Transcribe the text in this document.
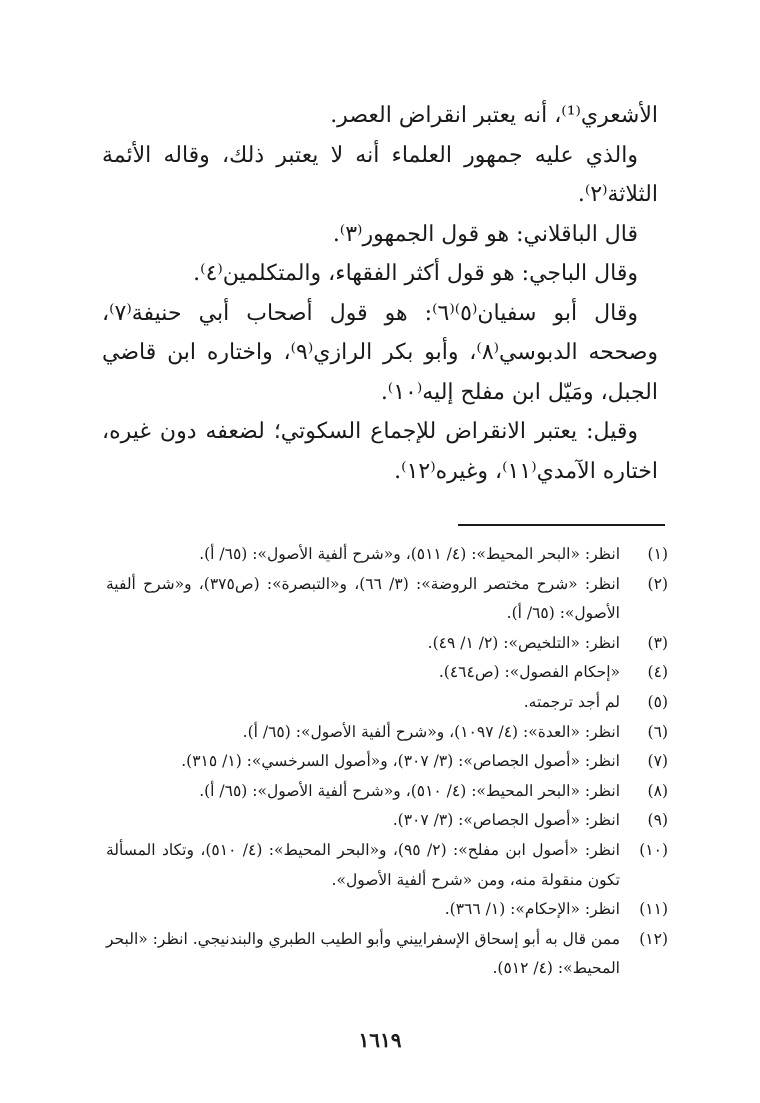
الأشعري⁽¹⁾، أنه يعتبر انقراض العصر.

والذي عليه جمهور العلماء أنه لا يعتبر ذلك، وقاله الأئمة الثلاثة⁽٢⁾.

قال الباقلاني: هو قول الجمهور⁽٣⁾.

وقال الباجي: هو قول أكثر الفقهاء، والمتكلمين⁽٤⁾.

وقال أبو سفيان⁽٥⁾⁽٦⁾: هو قول أصحاب أبي حنيفة⁽٧⁾، وصححه الدبوسي⁽٨⁾، وأبو بكر الرازي⁽٩⁾، واختاره ابن قاضي الجبل، ومَيّل ابن مفلح إليه⁽١٠⁾.

وقيل: يعتبر الانقراض للإجماع السكوتي؛ لضعفه دون غيره، اختاره الآمدي⁽١١⁾، وغيره⁽١٢⁾.

(١)
انظر: «البحر المحيط»: (٤/ ٥١١)، و«شرح ألفية الأصول»: (٦٥/ أ).
(٢)
انظر: «شرح مختصر الروضة»: (٣/ ٦٦)، و«التبصرة»: (ص٣٧٥)، و«شرح ألفية الأصول»: (٦٥/ أ).
(٣)
انظر: «التلخيص»: (٢/ ١/ ٤٩).
(٤)
«إحكام الفصول»: (ص٤٦٤).
(٥)
لم أجد ترجمته.
(٦)
انظر: «العدة»: (٤/ ١٠٩٧)، و«شرح ألفية الأصول»: (٦٥/ أ).
(٧)
انظر: «أصول الجصاص»: (٣/ ٣٠٧)، و«أصول السرخسي»: (١/ ٣١٥).
(٨)
انظر: «البحر المحيط»: (٤/ ٥١٠)، و«شرح ألفية الأصول»: (٦٥/ أ).
(٩)
انظر: «أصول الجصاص»: (٣/ ٣٠٧).
(١٠)
انظر: «أصول ابن مفلح»: (٢/ ٩٥)، و«البحر المحيط»: (٤/ ٥١٠)، وتكاد المسألة تكون منقولة منه، ومن «شرح ألفية الأصول».
(١١)
انظر: «الإحكام»: (١/ ٣٦٦).
(١٢)
ممن قال به أبو إسحاق الإسفراييني وأبو الطيب الطبري والبندنيجي. انظر: «البحر المحيط»: (٤/ ٥١٢).
١٦١٩
